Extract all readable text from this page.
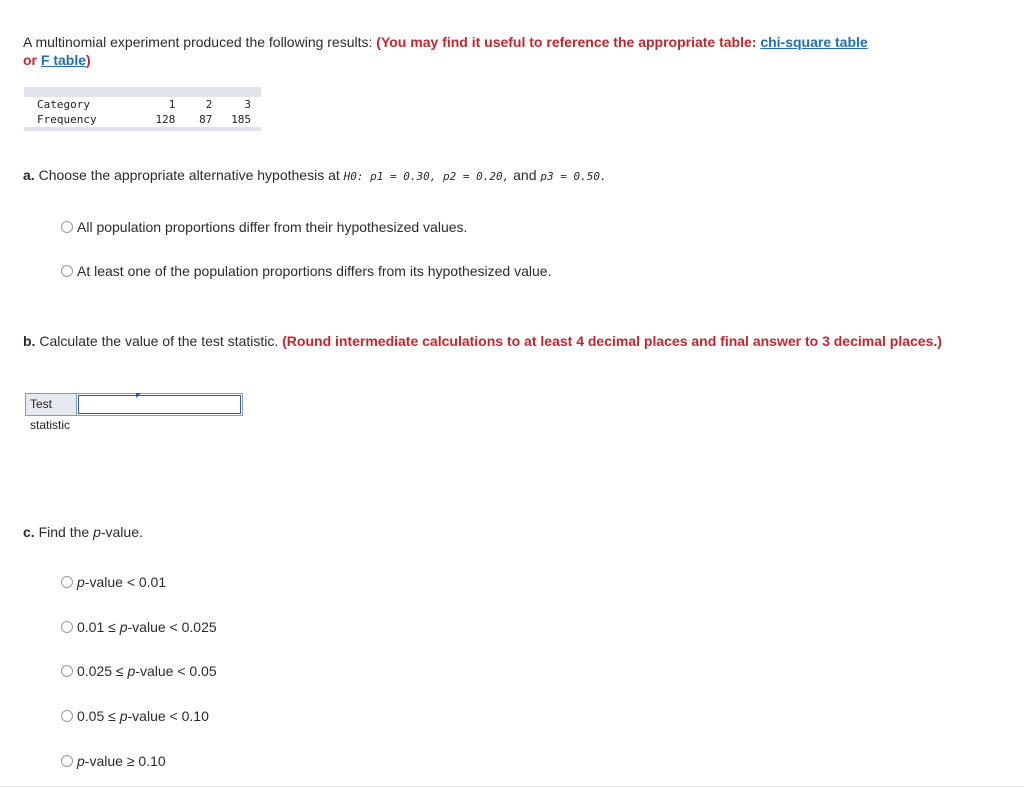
A multinomial experiment produced the following results: (You may find it useful to reference the appropriate table: chi-square table
or F table)
Category	1	2	3
Frequency	128	87	185
a. Choose the appropriate alternative hypothesis at H0: p1 = 0.30, p2 = 0.20, and p3 = 0.50.
All population proportions differ from their hypothesized values.
At least one of the population proportions differs from its hypothesized value.
b. Calculate the value of the test statistic. (Round intermediate calculations to at least 4 decimal places and final answer to 3 decimal places.)
Test statistic
c. Find the p-value.
p-value < 0.01
0.01 ≤ p-value < 0.025
0.025 ≤ p-value < 0.05
0.05 ≤ p-value < 0.10
p-value ≥ 0.10
